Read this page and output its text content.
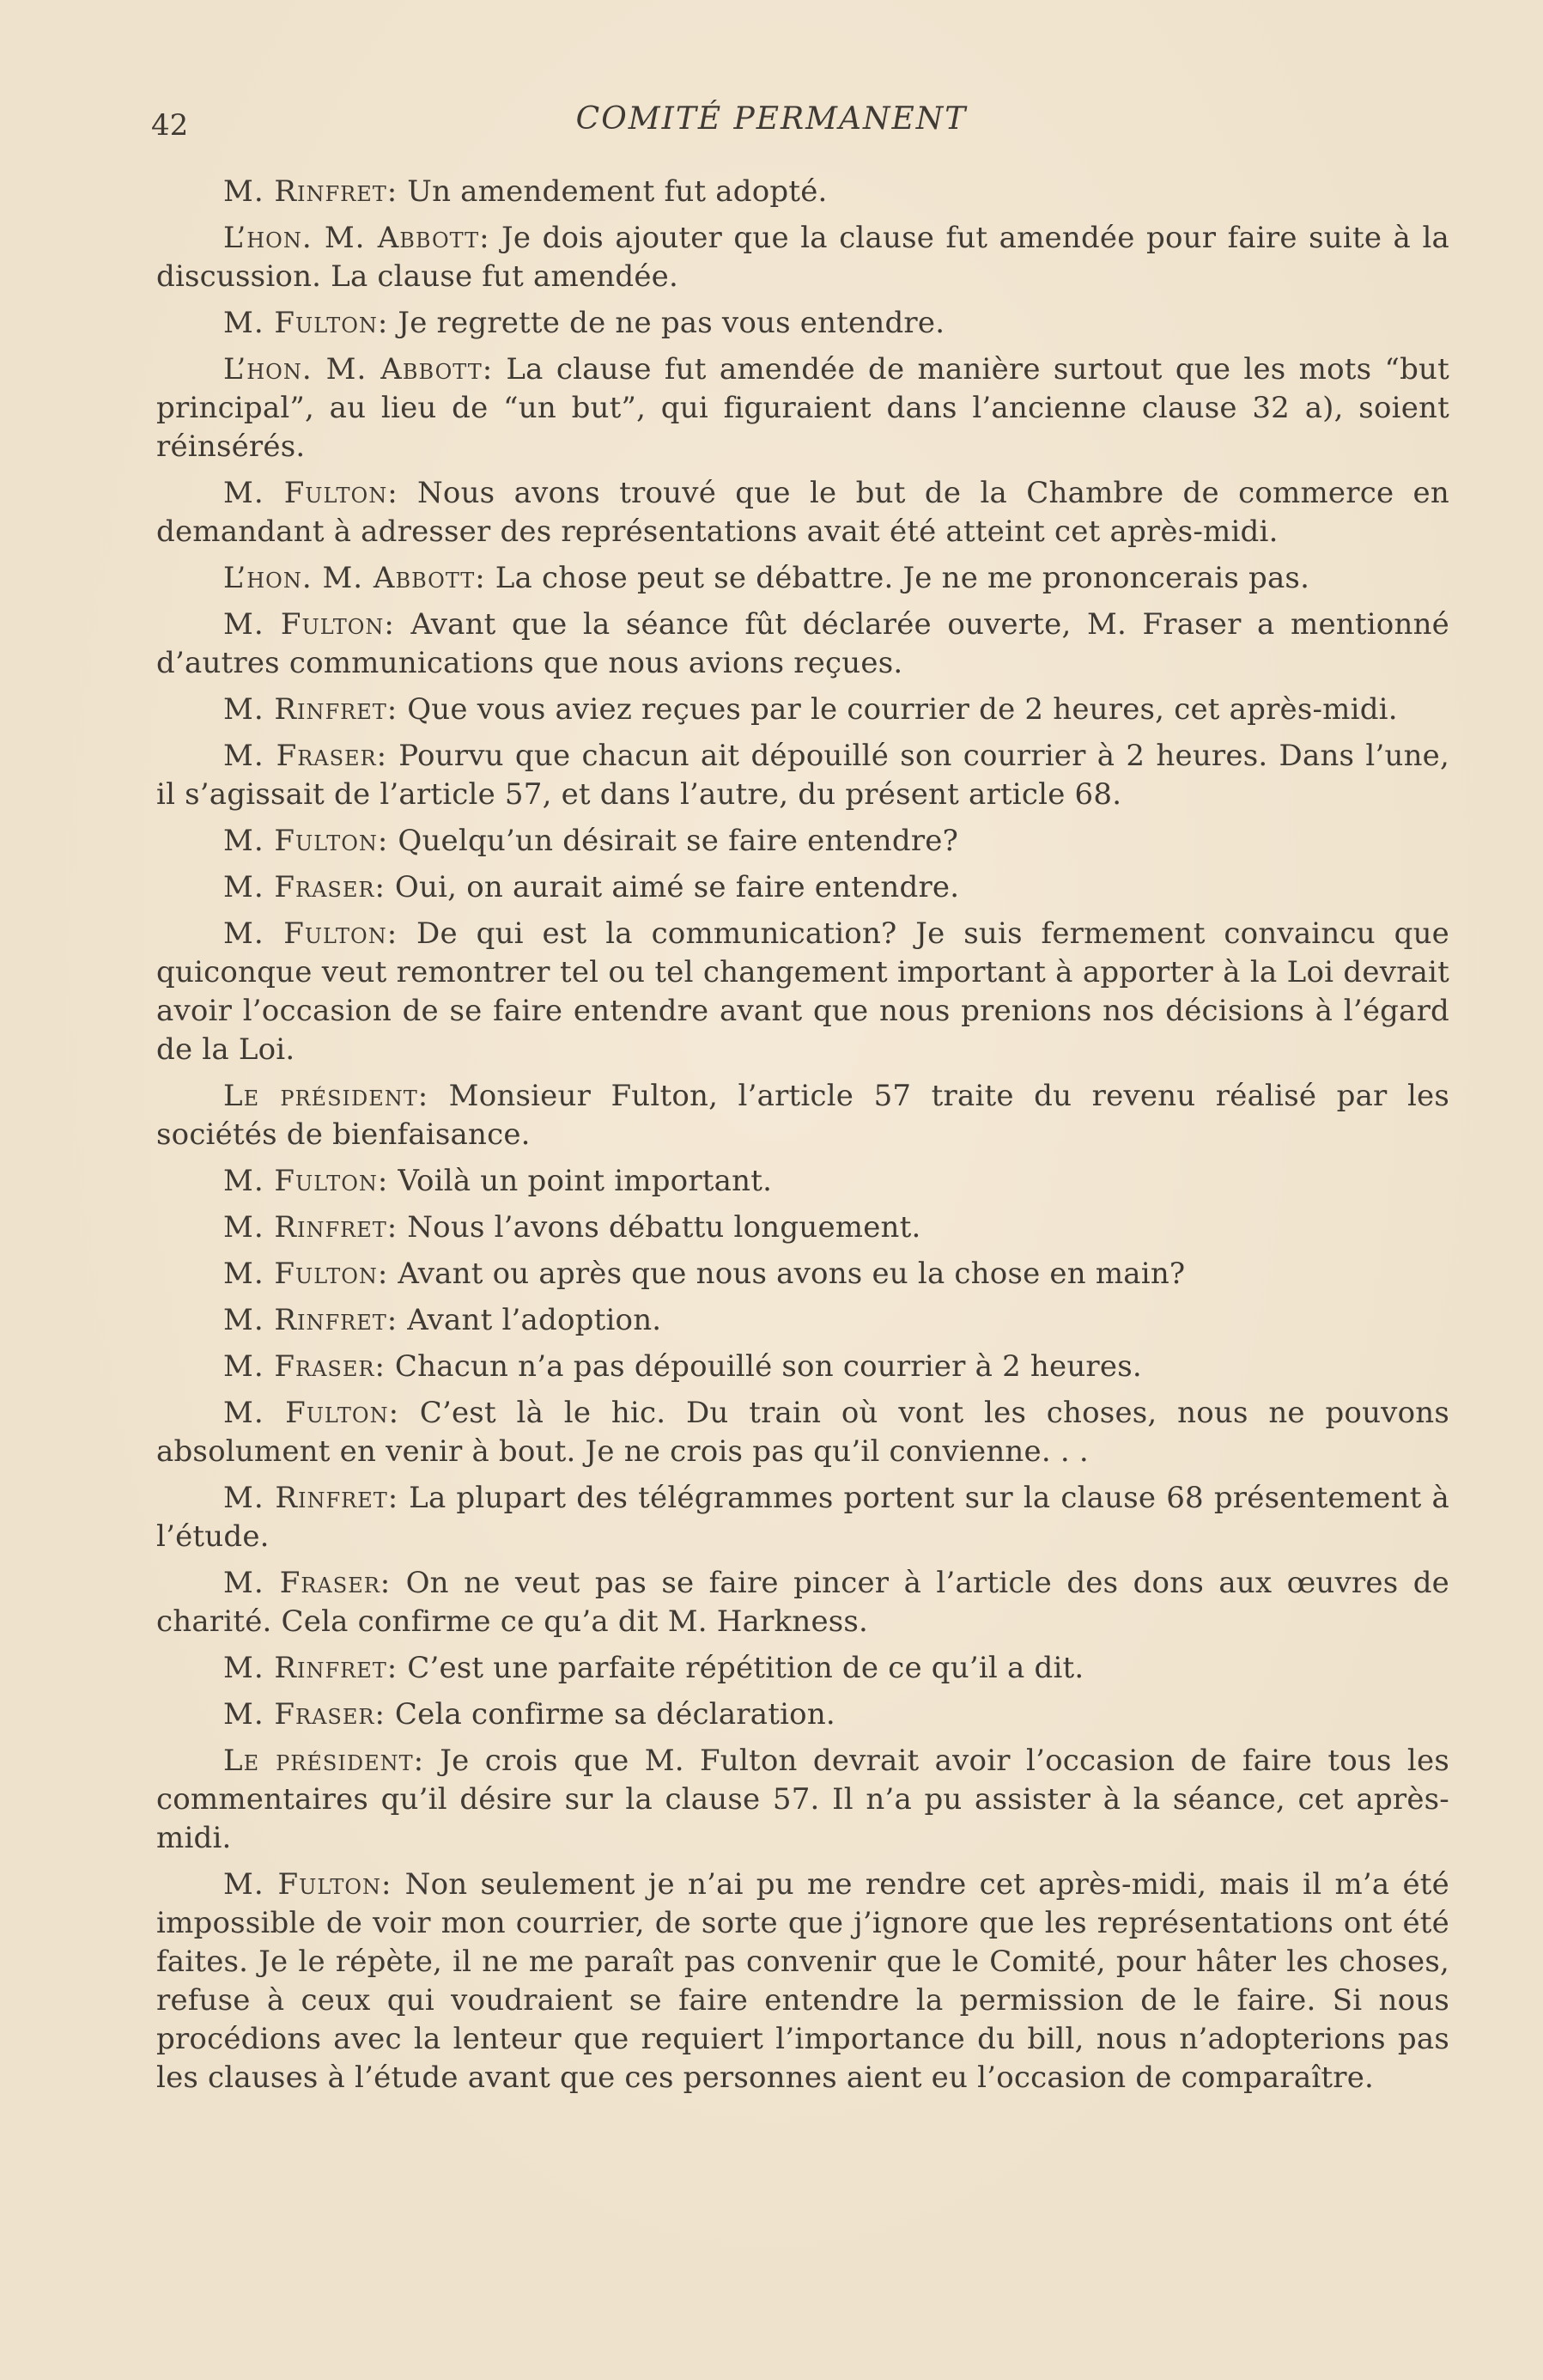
42	COMITÉ PERMANENT

M. Rinfret: Un amendement fut adopté.

L’hon. M. Abbott: Je dois ajouter que la clause fut amendée pour faire suite à la discussion. La clause fut amendée.

M. Fulton: Je regrette de ne pas vous entendre.

L’hon. M. Abbott: La clause fut amendée de manière surtout que les mots “but principal”, au lieu de “un but”, qui figuraient dans l’ancienne clause 32 a), soient réinsérés.

M. Fulton: Nous avons trouvé que le but de la Chambre de commerce en demandant à adresser des représentations avait été atteint cet après-midi.

L’hon. M. Abbott: La chose peut se débattre. Je ne me prononcerais pas.

M. Fulton: Avant que la séance fût déclarée ouverte, M. Fraser a mentionné d’autres communications que nous avions reçues.

M. Rinfret: Que vous aviez reçues par le courrier de 2 heures, cet après-midi.

M. Fraser: Pourvu que chacun ait dépouillé son courrier à 2 heures. Dans l’une, il s’agissait de l’article 57, et dans l’autre, du présent article 68.

M. Fulton: Quelqu’un désirait se faire entendre?

M. Fraser: Oui, on aurait aimé se faire entendre.

M. Fulton: De qui est la communication? Je suis fermement convaincu que quiconque veut remontrer tel ou tel changement important à apporter à la Loi devrait avoir l’occasion de se faire entendre avant que nous prenions nos décisions à l’égard de la Loi.

Le président: Monsieur Fulton, l’article 57 traite du revenu réalisé par les sociétés de bienfaisance.

M. Fulton: Voilà un point important.

M. Rinfret: Nous l’avons débattu longuement.

M. Fulton: Avant ou après que nous avons eu la chose en main?

M. Rinfret: Avant l’adoption.

M. Fraser: Chacun n’a pas dépouillé son courrier à 2 heures.

M. Fulton: C’est là le hic. Du train où vont les choses, nous ne pouvons absolument en venir à bout. Je ne crois pas qu’il convienne. . .

M. Rinfret: La plupart des télégrammes portent sur la clause 68 présentement à l’étude.

M. Fraser: On ne veut pas se faire pincer à l’article des dons aux œuvres de charité. Cela confirme ce qu’a dit M. Harkness.

M. Rinfret: C’est une parfaite répétition de ce qu’il a dit.

M. Fraser: Cela confirme sa déclaration.

Le président: Je crois que M. Fulton devrait avoir l’occasion de faire tous les commentaires qu’il désire sur la clause 57. Il n’a pu assister à la séance, cet après-midi.

M. Fulton: Non seulement je n’ai pu me rendre cet après-midi, mais il m’a été impossible de voir mon courrier, de sorte que j’ignore que les représentations ont été faites. Je le répète, il ne me paraît pas convenir que le Comité, pour hâter les choses, refuse à ceux qui voudraient se faire entendre la permission de le faire. Si nous procédions avec la lenteur que requiert l’importance du bill, nous n’adopterions pas les clauses à l’étude avant que ces personnes aient eu l’occasion de comparaître.
